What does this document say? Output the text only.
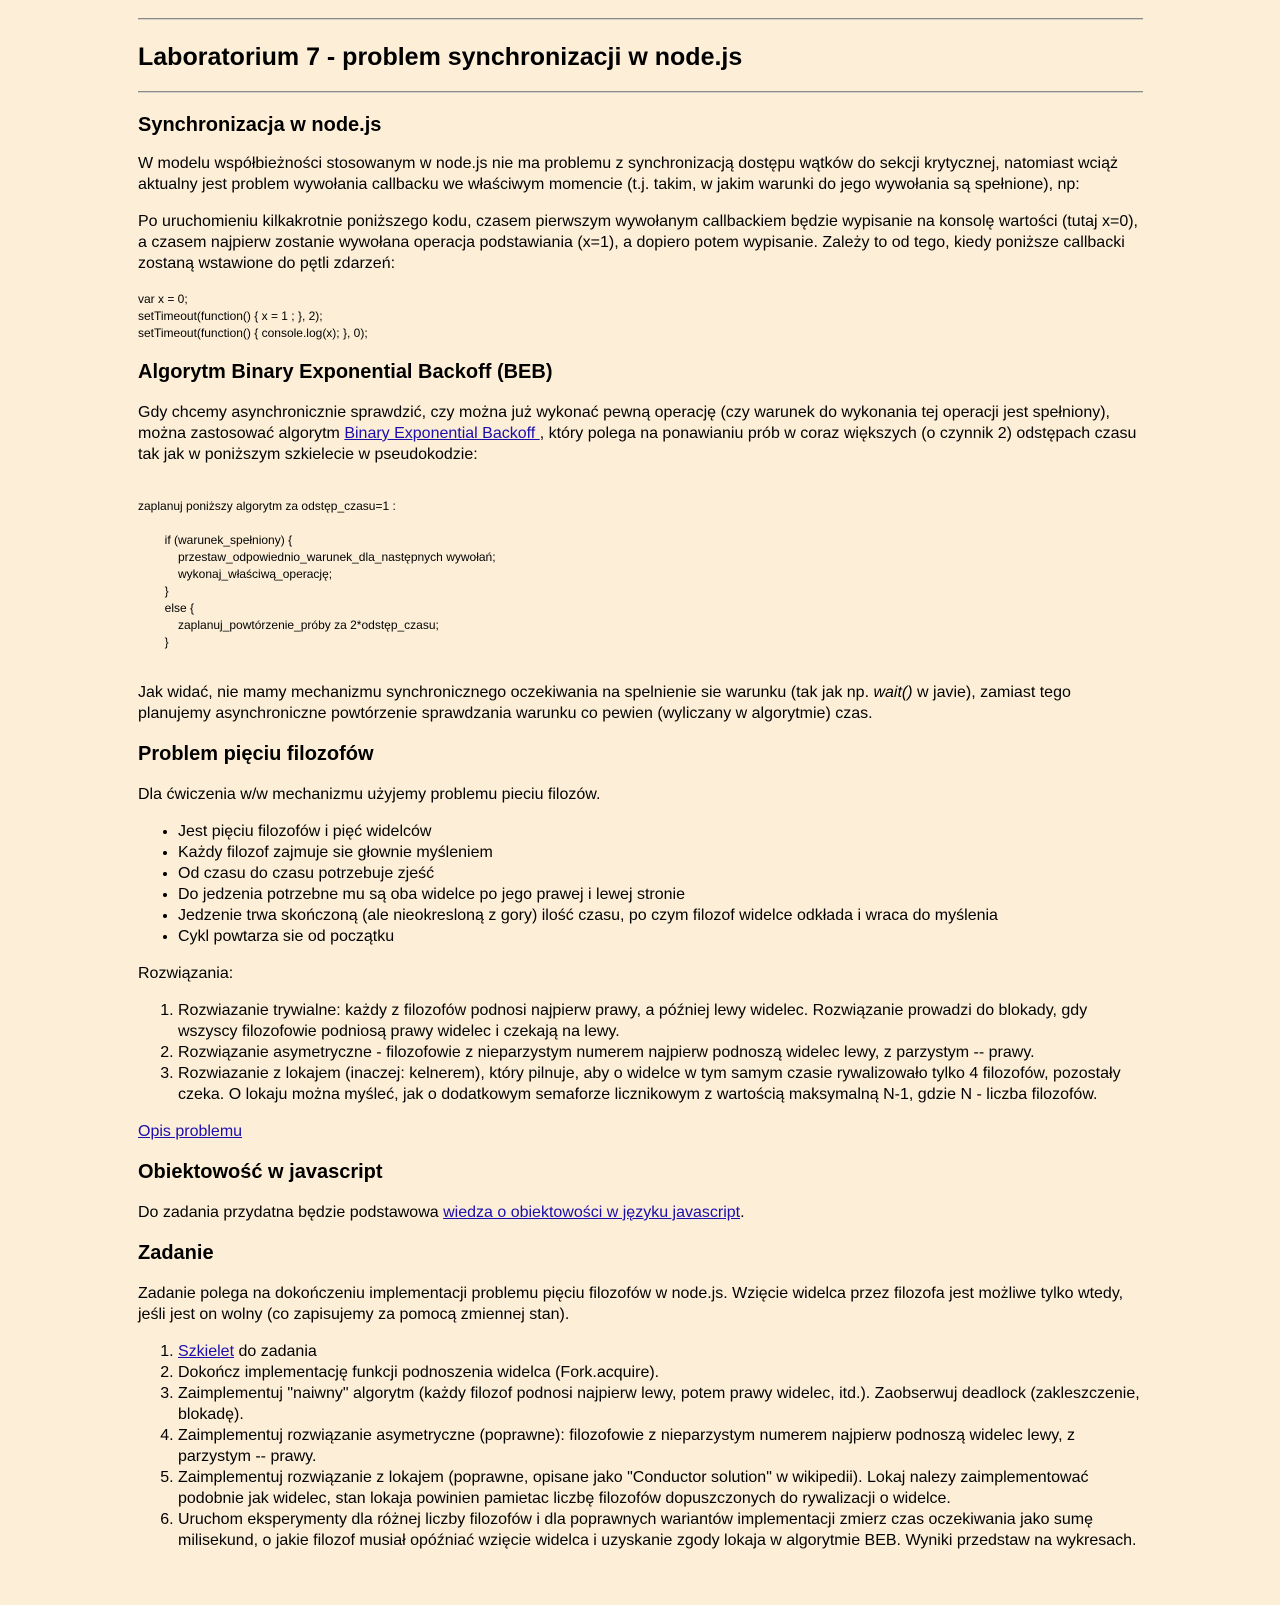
Laboratorium 7 - problem synchronizacji w node.js
Synchronizacja w node.js

W modelu współbieżności stosowanym w node.js nie ma problemu z synchronizacją dostępu wątków do sekcji krytycznej, natomiast wciąż aktualny jest problem wywołania callbacku we właściwym momencie (t.j. takim, w jakim warunki do jego wywołania są spełnione), np:

Po uruchomieniu kilkakrotnie poniższego kodu, czasem pierwszym wywołanym callbackiem będzie wypisanie na konsolę wartości (tutaj x=0), a czasem najpierw zostanie wywołana operacja podstawiania (x=1), a dopiero potem wypisanie. Zależy to od tego, kiedy poniższe callbacki zostaną wstawione do pętli zdarzeń:

var x = 0;
setTimeout(function() { x = 1 ; }, 2);
setTimeout(function() { console.log(x); }, 0);
Algorytm Binary Exponential Backoff (BEB)

Gdy chcemy asynchronicznie sprawdzić, czy można już wykonać pewną operację (czy warunek do wykonania tej operacji jest spełniony), można zastosować algorytm Binary Exponential Backoff , który polega na ponawianiu prób w coraz większych (o czynnik 2) odstępach czasu tak jak w poniższym szkielecie w pseudokodzie:

zaplanuj poniższy algorytm za odstęp_czasu=1 :

if (warunek_spełniony) {
przestaw_odpowiednio_warunek_dla_następnych wywołań;
wykonaj_właściwą_operację;
}
else {
zaplanuj_powtórzenie_próby za 2*odstęp_czasu;
}

Jak widać, nie mamy mechanizmu synchronicznego oczekiwania na spelnienie sie warunku (tak jak np. wait() w javie), zamiast tego planujemy asynchroniczne powtórzenie sprawdzania warunku co pewien (wyliczany w algorytmie) czas.

Problem pięciu filozofów

Dla ćwiczenia w/w mechanizmu użyjemy problemu pieciu filozów.

• Jest pięciu filozofów i pięć widelców
• Każdy filozof zajmuje sie głownie myśleniem
• Od czasu do czasu potrzebuje zjeść
• Do jedzenia potrzebne mu są oba widelce po jego prawej i lewej stronie
• Jedzenie trwa skończoną (ale nieokresloną z gory) ilość czasu, po czym filozof widelce odkłada i wraca do myślenia
• Cykl powtarza sie od początku

Rozwiązania:

1. Rozwiazanie trywialne: każdy z filozofów podnosi najpierw prawy, a później lewy widelec. Rozwiązanie prowadzi do blokady, gdy wszyscy filozofowie podniosą prawy widelec i czekają na lewy.
2. Rozwiązanie asymetryczne - filozofowie z nieparzystym numerem najpierw podnoszą widelec lewy, z parzystym -- prawy.
3. Rozwiazanie z lokajem (inaczej: kelnerem), który pilnuje, aby o widelce w tym samym czasie rywalizowało tylko 4 filozofów, pozostały czeka. O lokaju można myśleć, jak o dodatkowym semaforze licznikowym z wartością maksymalną N-1, gdzie N - liczba filozofów.

Opis problemu

Obiektowość w javascript

Do zadania przydatna będzie podstawowa wiedza o obiektowości w języku javascript.

Zadanie

Zadanie polega na dokończeniu implementacji problemu pięciu filozofów w node.js. Wzięcie widelca przez filozofa jest możliwe tylko wtedy, jeśli jest on wolny (co zapisujemy za pomocą zmiennej stan).

1. Szkielet do zadania
2. Dokończ implementację funkcji podnoszenia widelca (Fork.acquire).
3. Zaimplementuj "naiwny" algorytm (każdy filozof podnosi najpierw lewy, potem prawy widelec, itd.). Zaobserwuj deadlock (zakleszczenie, blokadę).
4. Zaimplementuj rozwiązanie asymetryczne (poprawne): filozofowie z nieparzystym numerem najpierw podnoszą widelec lewy, z parzystym -- prawy.
5. Zaimplementuj rozwiązanie z lokajem (poprawne, opisane jako "Conductor solution" w wikipedii). Lokaj nalezy zaimplementować podobnie jak widelec, stan lokaja powinien pamietac liczbę filozofów dopuszczonych do rywalizacji o widelce.
6. Uruchom eksperymenty dla różnej liczby filozofów i dla poprawnych wariantów implementacji zmierz czas oczekiwania jako sumę milisekund, o jakie filozof musiał opóźniać wzięcie widelca i uzyskanie zgody lokaja w algorytmie BEB. Wyniki przedstaw na wykresach.
